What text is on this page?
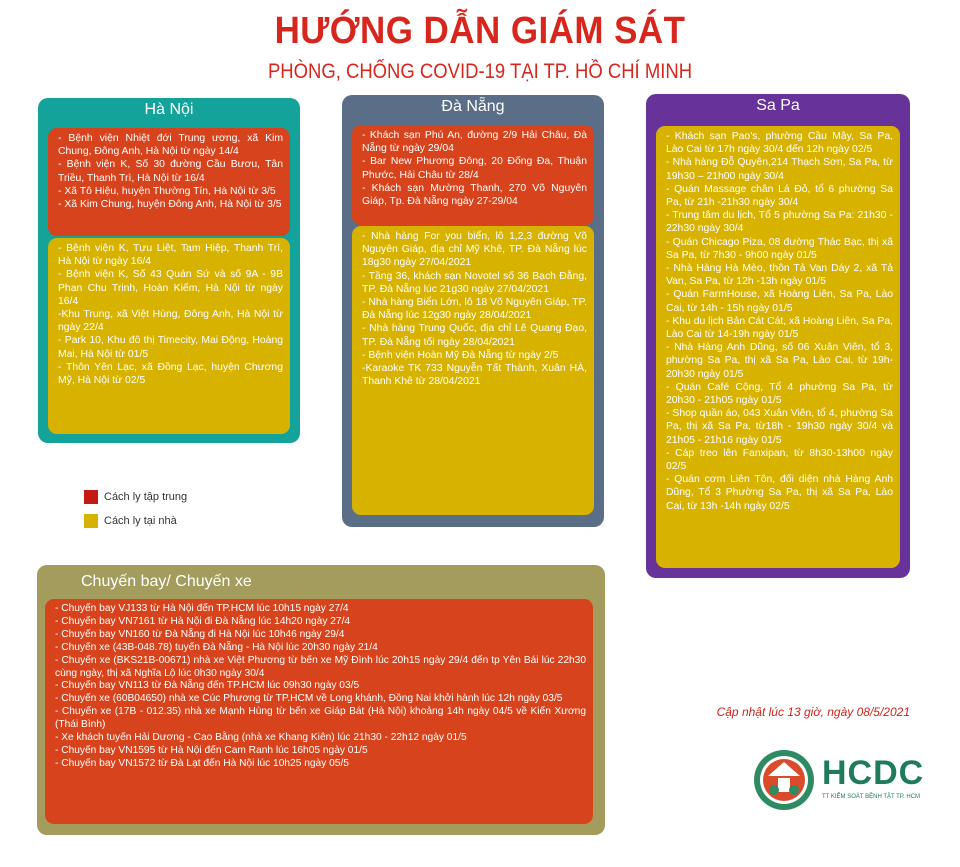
HƯỚNG DẪN GIÁM SÁT
PHÒNG, CHỐNG COVID-19 TẠI TP. HỒ CHÍ MINH
Hà Nội
- Bệnh viện Nhiệt đới Trung ương, xã Kim Chung, Đông Anh, Hà Nội từ ngày 14/4
- Bệnh viện K, Số 30 đường Cầu Bươu, Tân Triều, Thanh Trì, Hà Nội từ 16/4
- Xã Tô Hiệu, huyện Thường Tín, Hà Nội từ 3/5
- Xã Kim Chung, huyện Đông Anh, Hà Nội từ 3/5
- Bệnh viện K, Tựu Liệt, Tam Hiệp, Thanh Trì, Hà Nội từ ngày 16/4
- Bệnh viện K, Số 43 Quán Sứ và số 9A - 9B Phan Chu Trinh, Hoàn Kiếm, Hà Nội từ ngày 16/4
-Khu Trung, xã Việt Hùng, Đông Anh, Hà Nội từ ngày 22/4
- Park 10, Khu đô thị Timecity, Mai Động, Hoàng Mai, Hà Nội từ 01/5
- Thôn Yên Lạc, xã Đồng Lạc, huyện Chương Mỹ, Hà Nội từ 02/5
Đà Nẵng
- Khách sạn Phú An, đường 2/9 Hải Châu, Đà Nẵng từ ngày 29/04
- Bar New Phương Đông, 20 Đống Đa, Thuận Phước, Hải Châu từ 28/4
- Khách sạn Mường Thanh, 270 Võ Nguyên Giáp, Tp. Đà Nẵng ngày 27-29/04
- Nhà hàng For you biển, lô 1,2,3 đường Võ Nguyên Giáp, địa chỉ Mỹ Khê, TP. Đà Nẵng lúc 18g30 ngày 27/04/2021
- Tầng 36, khách sạn Novotel số 36 Bạch Đằng, TP. Đà Nẵng lúc 21g30 ngày 27/04/2021
- Nhà hàng Biển Lớn, lô 18 Võ Nguyên Giáp, TP. Đà Nẵng lúc 12g30 ngày 28/04/2021
- Nhà hàng Trung Quốc, địa chỉ Lê Quang Đạo, TP. Đà Nẵng tối ngày 28/04/2021
- Bệnh viện Hoàn Mỹ Đà Nẵng từ ngày 2/5
-Karaoke TK 733 Nguyễn Tất Thành, Xuân HÀ, Thanh Khê từ 28/04/2021
Sa Pa
- Khách sạn Pao's, phường Cầu Mây, Sa Pa, Lào Cai từ 17h ngày 30/4 đến 12h ngày 02/5
- Nhà hàng Đỗ Quyên,214 Thạch Sơn, Sa Pa, từ 19h30 – 21h00 ngày 30/4
- Quán Massage chân Lá Đỏ, tổ 6 phường Sa Pa, từ 21h -21h30 ngày 30/4
- Trung tâm du lịch, Tổ 5 phường Sa Pa: 21h30 - 22h30 ngày 30/4
- Quán Chicago Piza, 08 đường Thác Bạc, thị xã Sa Pa, từ 7h30 - 9h00 ngày 01/5
- Nhà Hàng Hà Mèo, thôn Tả Van Dáy 2, xã Tả Van, Sa Pa, từ 12h -13h ngày 01/5
- Quán FarmHouse, xã Hoàng Liên, Sa Pa, Lào Cai, từ 14h - 15h ngày 01/5
- Khu du lịch Bản Cát Cát, xã Hoàng Liên, Sa Pa, Lào Cai từ 14-19h ngày 01/5
- Nhà Hàng Anh Dũng, số 06 Xuân Viên, tổ 3, phường Sa Pa, thị xã Sa Pa, Lào Cai, từ 19h-20h30 ngày 01/5
- Quán Café Cộng, Tổ 4 phường Sa Pa, từ 20h30 - 21h05 ngày 01/5
- Shop quần áo, 043 Xuân Viên, tổ 4, phường Sa Pa, thị xã Sa Pa, từ18h - 19h30 ngày 30/4 và 21h05 - 21h16 ngày 01/5
- Cáp treo lên Fanxipan, từ 8h30-13h00 ngày 02/5
- Quán cơm Liên Tôn, đối diện nhà Hàng Anh Dũng, Tổ 3 Phường Sa Pa, thị xã Sa Pa, Lào Cai, từ 13h -14h ngày 02/5
Cách ly tập trung
Cách ly tại nhà
Chuyến bay/ Chuyến xe
- Chuyến bay VJ133 từ Hà Nội đến TP.HCM lúc 10h15 ngày 27/4
- Chuyến bay VN7161 từ Hà Nội đi Đà Nẵng lúc 14h20 ngày 27/4
- Chuyến bay VN160 từ Đà Nẵng đi Hà Nội lúc 10h46 ngày 29/4
- Chuyến xe (43B-048.78) tuyến Đà Nẵng - Hà Nội lúc 20h30 ngày 21/4
- Chuyến xe (BKS21B-00671) nhà xe Việt Phương từ bến xe Mỹ Đình lúc 20h15 ngày 29/4 đến tp Yên Bái lúc 22h30 cùng ngày, thị xã Nghĩa Lộ lúc 0h30 ngày 30/4
- Chuyến bay VN113 từ Đà Nẵng đến TP.HCM lúc 09h30 ngày 03/5
- Chuyến xe (60B04650) nhà xe Cúc Phương từ TP.HCM về Long khánh, Đồng Nai khởi hành lúc 12h ngày 03/5
- Chuyến xe (17B - 012.35) nhà xe Mạnh Hùng từ bến xe Giáp Bát (Hà Nội) khoảng 14h ngày 04/5 về Kiến Xương (Thái Bình)
- Xe khách tuyến Hải Dương - Cao Bằng (nhà xe Khang Kiên) lúc 21h30 - 22h12 ngày 01/5
- Chuyến bay VN1595 từ Hà Nội đến Cam Ranh lúc 16h05 ngày 01/5
- Chuyến bay VN1572 từ Đà Lạt đến Hà Nội lúc 10h25 ngày 05/5
Cập nhật lúc 13 giờ, ngày 08/5/2021
HCDC
TT KIỂM SOÁT BỆNH TẬT TP. HCM
